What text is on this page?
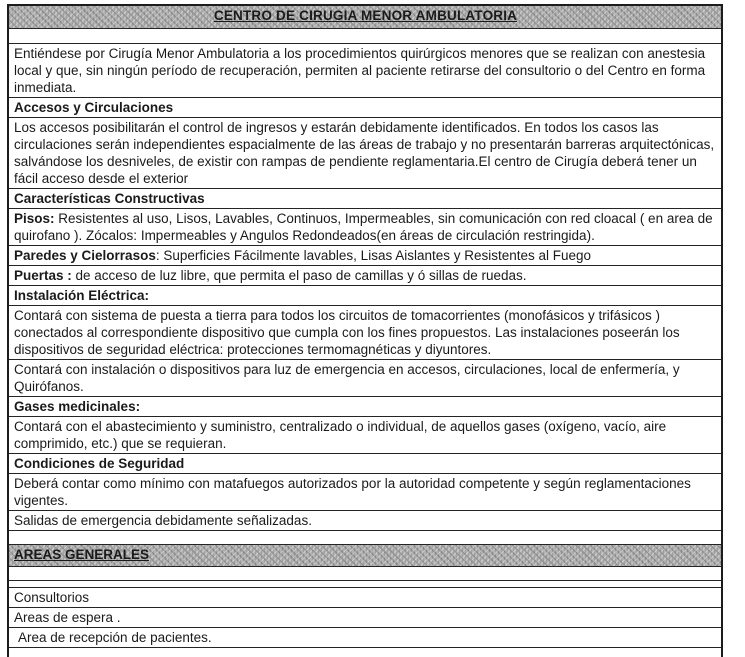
CENTRO DE CIRUGIA MENOR AMBULATORIA
Entiéndese por Cirugía Menor Ambulatoria a los procedimientos quirúrgicos menores que se realizan con anestesia local y que, sin ningún período de recuperación, permiten al paciente retirarse del consultorio o del Centro en forma inmediata.
Accesos y Circulaciones
Los accesos posibilitarán el control de ingresos y estarán debidamente identificados. En todos los casos las circulaciones serán independientes espacialmente de las áreas de trabajo y no presentarán barreras arquitectónicas, salvándose los desniveles, de existir con rampas de pendiente reglamentaria.El centro de Cirugía deberá tener un fácil acceso desde el exterior
Características Constructivas
Pisos: Resistentes al uso, Lisos, Lavables, Continuos, Impermeables, sin comunicación con red cloacal ( en area de quirofano ). Zócalos: Impermeables y Angulos Redondeados(en áreas de circulación restringida).
Paredes y Cielorrasos: Superficies Fácilmente lavables, Lisas Aislantes y Resistentes al Fuego
Puertas : de acceso de luz libre, que permita el paso de camillas y ó sillas de ruedas.
Instalación Eléctrica:
Contará con sistema de puesta a tierra para todos los circuitos de tomacorrientes (monofásicos y trifásicos ) conectados al correspondiente dispositivo que cumpla con los fines propuestos. Las instalaciones poseerán los dispositivos de seguridad eléctrica: protecciones termomagnéticas y diyuntores.
Contará con instalación o dispositivos para luz de emergencia en accesos, circulaciones, local de enfermería, y Quirófanos.
Gases medicinales:
Contará con el abastecimiento y suministro, centralizado o individual, de aquellos gases (oxígeno, vacío, aire comprimido, etc.) que se requieran.
Condiciones de Seguridad
Deberá contar como mínimo con matafuegos autorizados por la autoridad competente y según reglamentaciones vigentes.
Salidas de emergencia debidamente señalizadas.
AREAS GENERALES
Consultorios
Areas de espera .
Area de recepción de pacientes.
